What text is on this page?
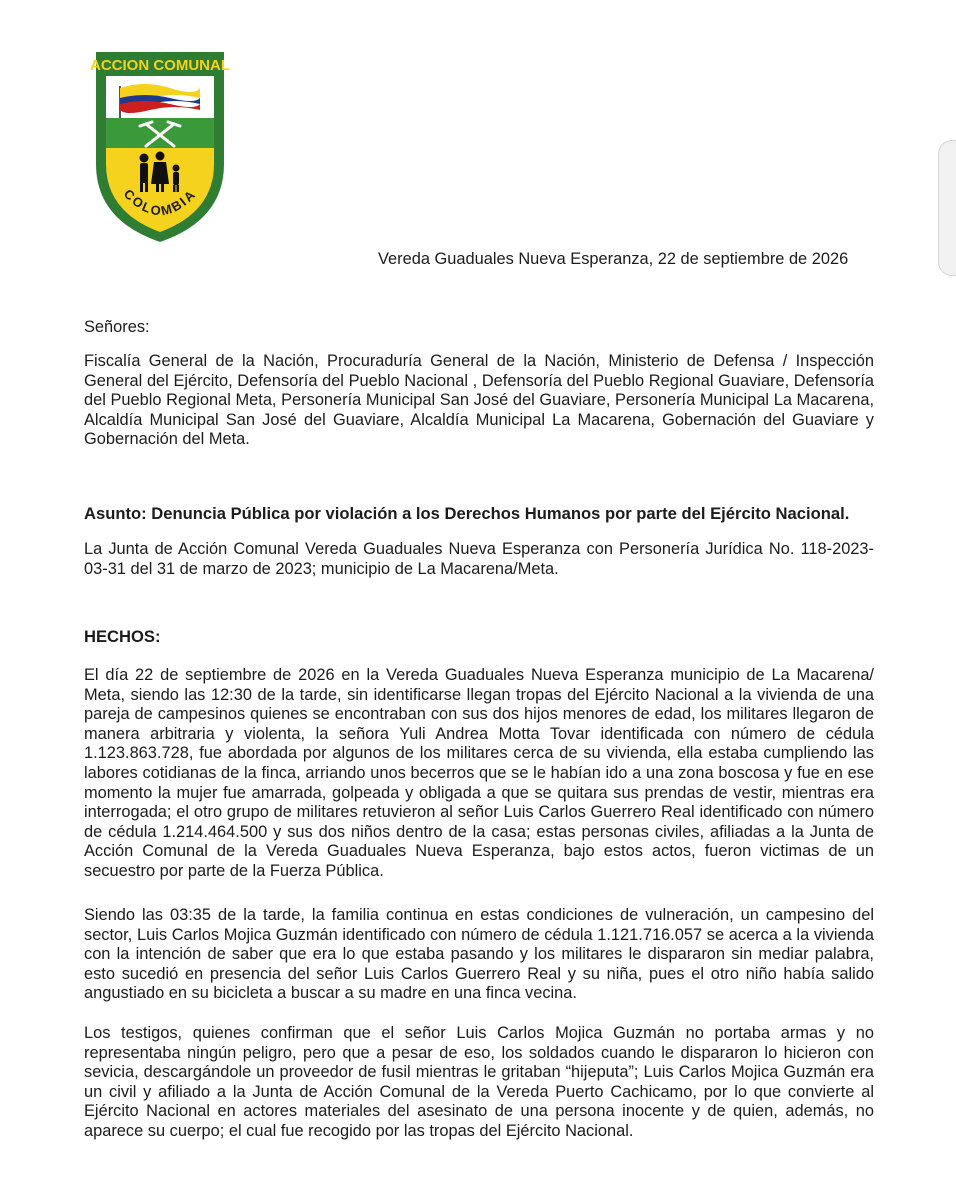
ACCION COMUNAL
COLOMBIA
Vereda Guaduales Nueva Esperanza, 22 de septiembre de 2026
Señores:
Fiscalía General de la Nación, Procuraduría General de la Nación, Ministerio de Defensa / Inspección General del Ejército, Defensoría del Pueblo Nacional , Defensoría del Pueblo Regional Guaviare, Defensoría del Pueblo Regional Meta, Personería Municipal San José del Guaviare, Personería Municipal La Macarena, Alcaldía Municipal San José del Guaviare, Alcaldía Municipal La Macarena, Gobernación del Guaviare y Gobernación del Meta.
Asunto: Denuncia Pública por violación a los Derechos Humanos por parte del Ejército Nacional.
La Junta de Acción Comunal Vereda Guaduales Nueva Esperanza con Personería Jurídica No. 118-2023-03-31 del 31 de marzo de 2023; municipio de La Macarena/Meta.
HECHOS:
El día 22 de septiembre de 2026 en la Vereda Guaduales Nueva Esperanza municipio de La Macarena/ Meta, siendo las 12:30 de la tarde, sin identificarse llegan tropas del Ejército Nacional a la vivienda de una pareja de campesinos quienes se encontraban con sus dos hijos menores de edad, los militares llegaron de manera arbitraria y violenta, la señora Yuli Andrea Motta Tovar identificada con número de cédula 1.123.863.728, fue abordada por algunos de los militares cerca de su vivienda, ella estaba cumpliendo las labores cotidianas de la finca, arriando unos becerros que se le habían ido a una zona boscosa y fue en ese momento la mujer fue amarrada, golpeada y obligada a que se quitara sus prendas de vestir, mientras era interrogada; el otro grupo de militares retuvieron al señor Luis Carlos Guerrero Real identificado con número de cédula 1.214.464.500 y sus dos niños dentro de la casa; estas personas civiles, afiliadas a la Junta de Acción Comunal de la Vereda Guaduales Nueva Esperanza, bajo estos actos, fueron victimas de un secuestro por parte de la Fuerza Pública.
Siendo las 03:35 de la tarde, la familia continua en estas condiciones de vulneración, un campesino del sector, Luis Carlos Mojica Guzmán identificado con número de cédula 1.121.716.057 se acerca a la vivienda con la intención de saber que era lo que estaba pasando y los militares le dispararon sin mediar palabra, esto sucedió en presencia del señor Luis Carlos Guerrero Real y su niña, pues el otro niño había salido angustiado en su bicicleta a buscar a su madre en una finca vecina.
Los testigos, quienes confirman que el señor Luis Carlos Mojica Guzmán no portaba armas y no representaba ningún peligro, pero que a pesar de eso, los soldados cuando le dispararon lo hicieron con sevicia, descargándole un proveedor de fusil mientras le gritaban “hijeputa”; Luis Carlos Mojica Guzmán era un civil y afiliado a la Junta de Acción Comunal de la Vereda Puerto Cachicamo, por lo que convierte al Ejército Nacional en actores materiales del asesinato de una persona inocente y de quien, además, no aparece su cuerpo; el cual fue recogido por las tropas del Ejército Nacional.
